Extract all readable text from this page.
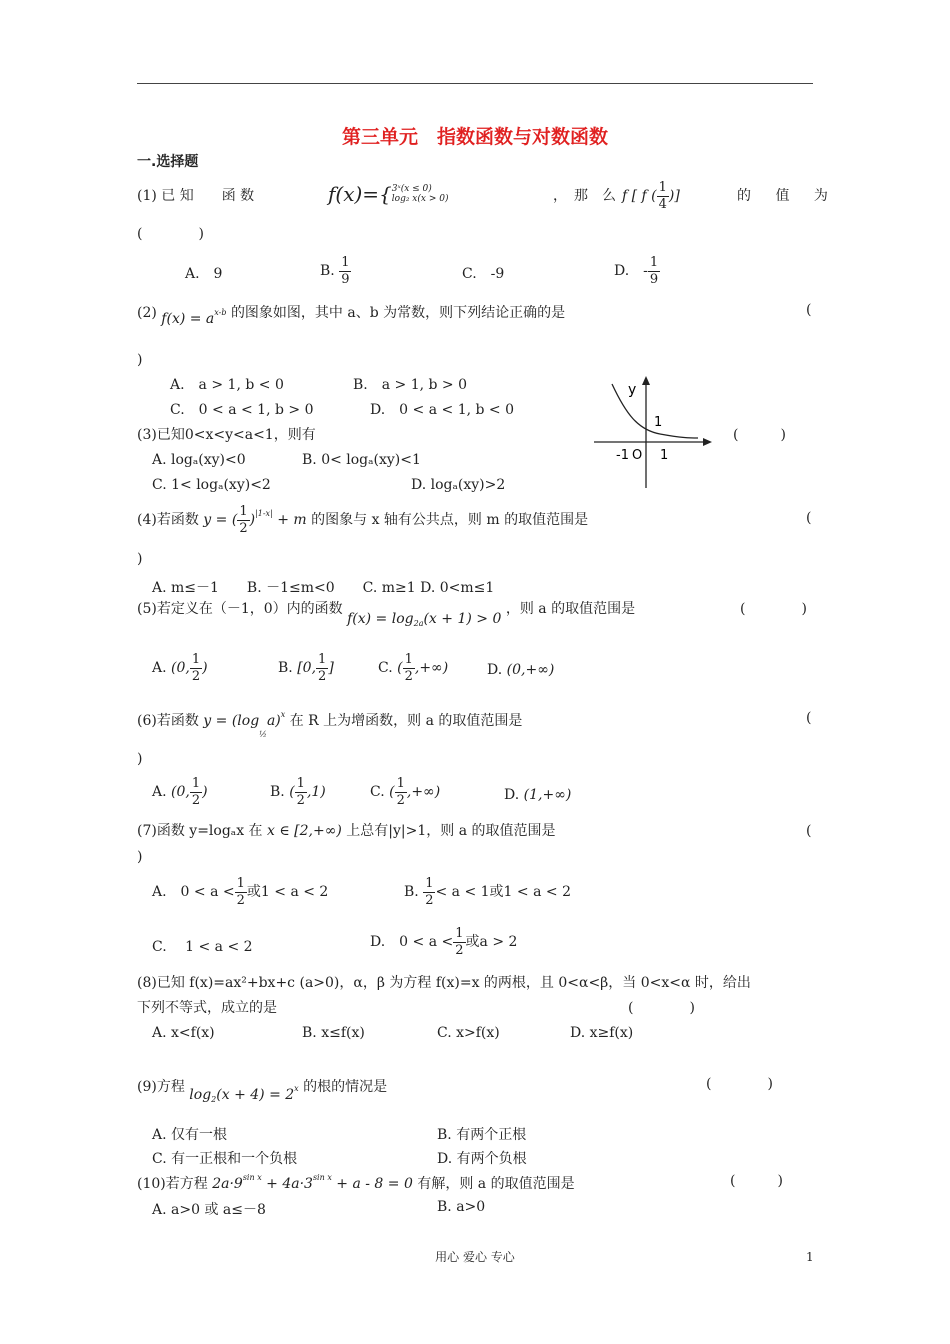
第三单元　指数函数与对数函数
一.选择题
(1) 已 知　　函 数	f(x)={3ˣ(x ≤ 0)
log₂ x(x > 0)	，　那　么 f [ f ( $\frac{1}{4}$ )]	的 值 为
(　　　　)
A.　9	B. $\frac{1}{9}$	C.　-9	D.　- $\frac{1}{9}$
(2) $f(x) = a^{x-b}$ 的图象如图，其中 a、b 为常数，则下列结论正确的是	(
)
A.　a > 1, b < 0	B.　a > 1, b > 0
C.　0 < a < 1, b > 0	D.　0 < a < 1, b < 0
y
1
-1 O 1
(3)已知0<x<y<a<1，则有	(　　　)
A. logₐ(xy)<0	B. 0< logₐ(xy)<1
C. 1< logₐ(xy)<2	D. logₐ(xy)>2
(4)若函数 y = ( $\frac{1}{2} )^{|1-x|} + m$ 的图象与 x 轴有公共点，则 m 的取值范围是	(
)
A. m≤－1　　B. －1≤m<0　　C. m≥1 D. 0<m≤1
(5)若定义在（－1，0）内的函数 $f(x) = \log_{2a}(x + 1) > 0$ ，则 a 的取值范围是	(　　　　)
A. (0, $\frac{1}{2}$ )	B. [0, $\frac{1}{2}$ ]	C. ( $\frac{1}{2}$ ,+∞)	D. (0,+∞)
(6)若函数 $y = (\log_{\frac{1}{2}}a)^x$ 在 R 上为增函数，则 a 的取值范围是	(
)
A. (0, $\frac{1}{2}$ )	B. ( $\frac{1}{2} ,1$)	C. ( $\frac{1}{2}$ ,+∞)	D. (1,+∞)
(7)函数 y=logₐx 在 x ∈ [2,+∞) 上总有|y|>1，则 a 的取值范围是	(
)
A.　$0 < a < \frac{1}{2}$ 或1 < a < 2	B. $\frac{1}{2} < a < 1$或1 < a < 2
C.　 1 < a < 2	D.　$0 < a < \frac{1}{2}$ 或a > 2
(8)已知 f(x)=ax²+bx+c (a>0)，α，β 为方程 f(x)=x 的两根，且 0<α<β，当 0<x<α 时，给出
下列不等式，成立的是	(　　　　)
A. x<f(x)	B. x≤f(x)	C. x>f(x)	D. x≥f(x)
(9)方程 $\log_2(x + 4) = 2^x$ 的根的情况是	(　　　　)
A. 仅有一根	B. 有两个正根
C. 有一正根和一个负根	D. 有两个负根
(10)若方程 $2a\cdot 9^{sin x} + 4a\cdot 3^{sin x} + a - 8 = 0$ 有解，则 a 的取值范围是	(　　　)
A. a>0 或 a≤－8	B. a>0
用心 爱心 专心	1
